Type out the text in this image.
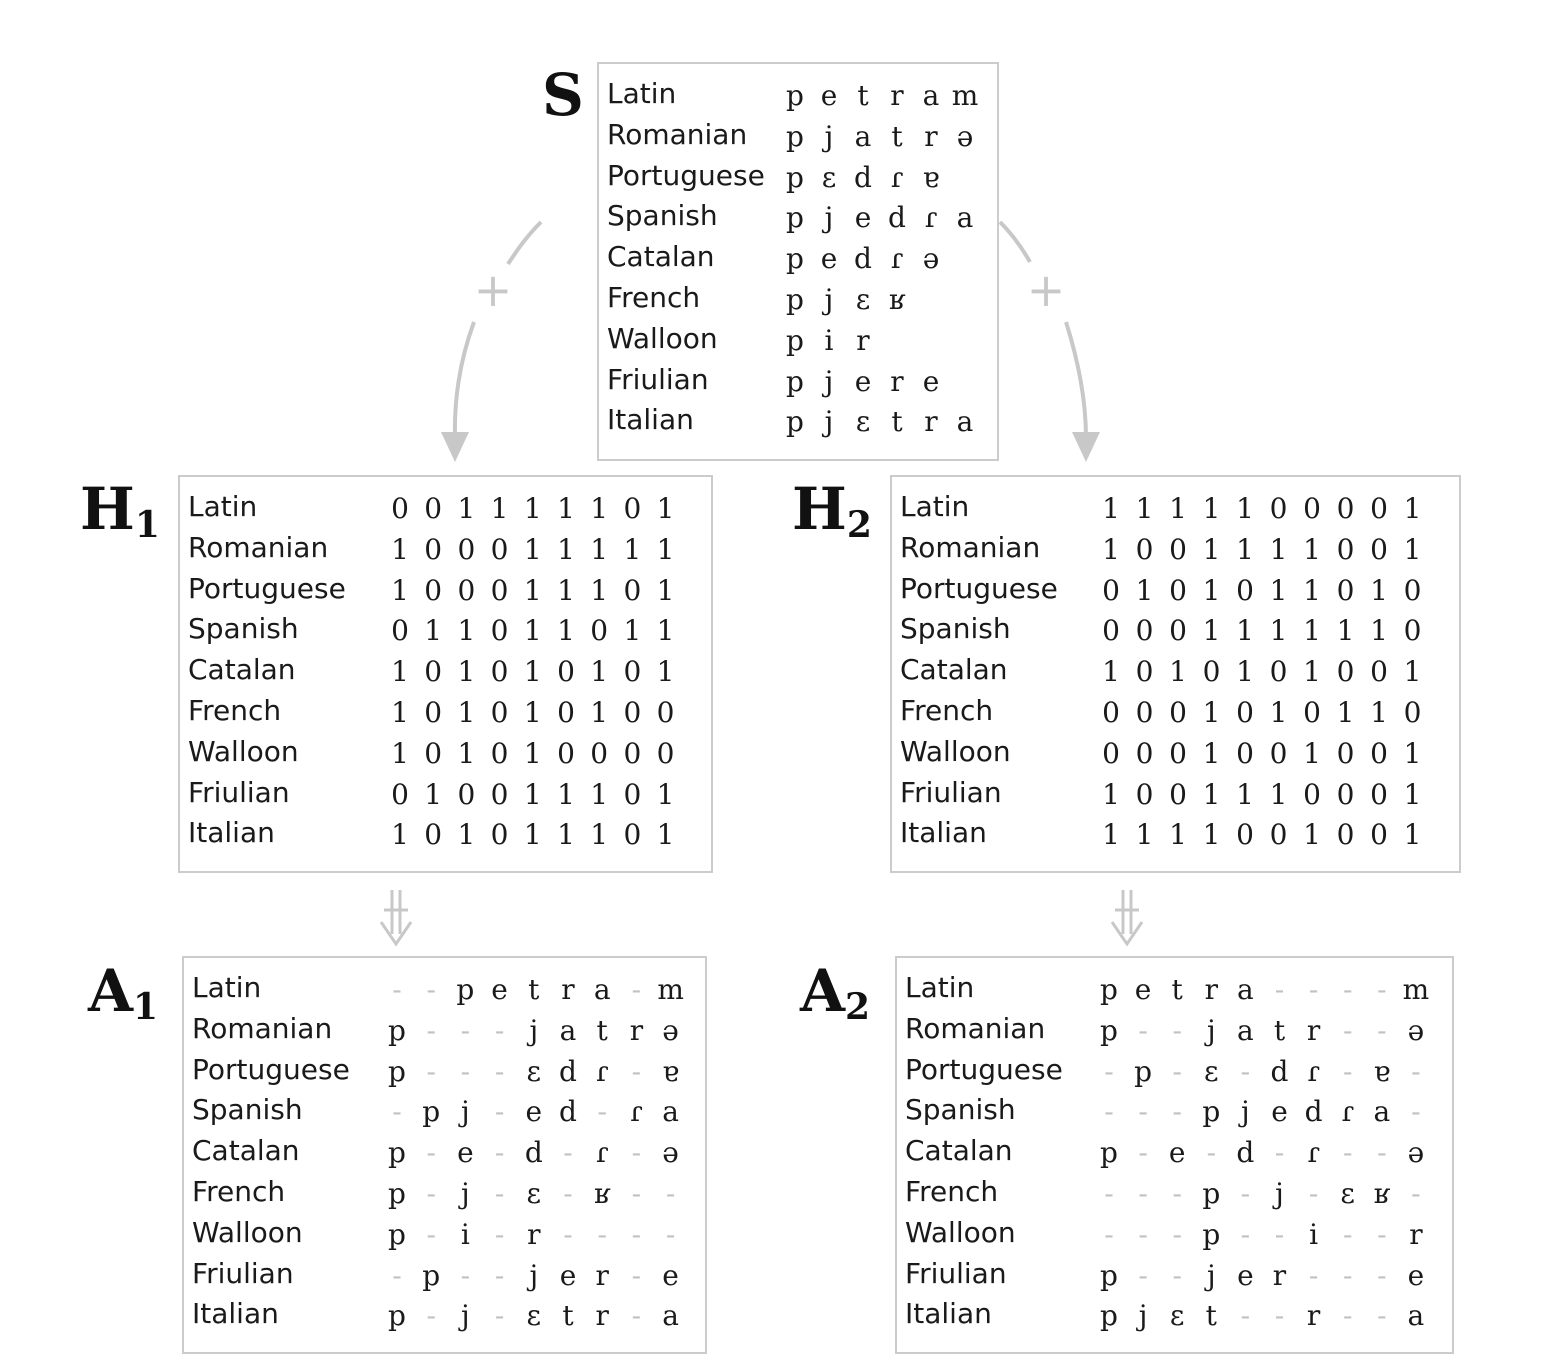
+	+
S Latin	p e t r a m
Romanian p j a t r ə
Portuguese p ɛ d ɾ ɐ
Spanish p j e d ɾ a
Catalan	p e d ɾ ə
French	p j ɛ ʁ
Walloon p i r
Friulian	p j e r e
Italian	p j ɛ t r a
$H_1$ Latin	0 0 1 1 1 1 1 0 1
Romanian 1 0 0 0 1 1 1 1 1
Portuguese 1 0 0 0 1 1 1 0 1
Spanish	0 1 1 0 1 1 0 1 1
Catalan	1 0 1 0 1 0 1 0 1
French	1 0 1 0 1 0 1 0 0
Walloon	1 0 1 0 1 0 0 0 0
Friulian	0 1 0 0 1 1 1 0 1
Italian	1 0 1 0 1 1 1 0 1
$H_2$ Latin	1 1 1 1 1 0 0 0 0 1
Romanian 1 0 0 1 1 1 1 0 0 1
Portuguese 0 1 0 1 0 1 1 0 1 0
Spanish	0 0 0 1 1 1 1 1 1 0
Catalan	1 0 1 0 1 0 1 0 0 1
French	0 0 0 1 0 1 0 1 1 0
Walloon	0 0 0 1 0 0 1 0 0 1
Friulian	1 0 0 1 1 1 0 0 0 1
Italian	1 1 1 1 0 0 1 0 0 1
$A_1$ Latin	- - p e t r a - m
Romanian p - - - j a t r ə
Portuguese p - - - ɛ d ɾ - ɐ
Spanish	- p j - e d - ɾ a
Catalan	p - e - d - ɾ - ə
French	p - j - ɛ - ʁ - -
Walloon	p - i - r - - - -
Friulian	- p - - j e r - e
Italian	p - j - ɛ t r - a
$A_2$ Latin	p e t r a - - - - m
Romanian p - - j a t r - - ə
Portuguese	- p - ɛ - d ɾ - ɐ -
Spanish	- - - p j e d ɾ a -
Catalan	p - e - d - ɾ - - ə
French	- - - p - j - ɛ ʁ -
Walloon	- - - p - - i - - r
Friulian	p - - j e r - - - e
Italian	p j ɛ t - - r - - a
